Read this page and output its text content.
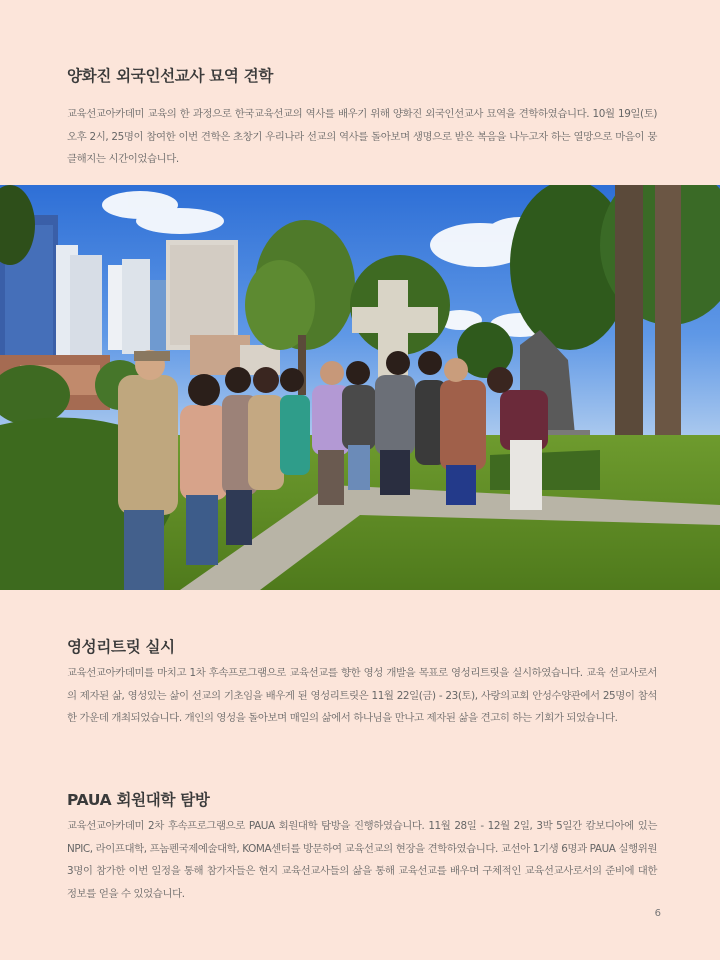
양화진 외국인선교사 묘역 견학

교육선교아카데미 교육의 한 과정으로 한국교육선교의 역사를 배우기 위해 양화진 외국인선교사 묘역을 견학하였습니다. 10월 19일(토) 오후 2시, 25명이 참여한 이번 견학은 초창기 우리나라 선교의 역사를 돌아보며 생명으로 받은 복음을 나누고자 하는 열망으로 마음이 뭉클해지는 시간이었습니다.

영성리트릿 실시

교육선교아카데미를 마치고 1차 후속프로그램으로 교육선교를 향한 영성 개발을 목표로 영성리트릿을 실시하였습니다. 교육 선교사로서의 제자된 삶, 영성있는 삶이 선교의 기초임을 배우게 된 영성리트릿은 11월 22일(금) - 23(토), 사랑의교회 안성수양관에서 25명이 참석한 가운데 개최되었습니다. 개인의 영성을 돌아보며 매일의 삶에서 하나님을 만나고 제자된 삶을 견고히 하는 기회가 되었습니다.

PAUA 회원대학 탐방

교육선교아카데미 2차 후속프로그램으로 PAUA 회원대학 탐방을 진행하였습니다. 11월 28일 - 12월 2일, 3박 5일간 캄보디아에 있는 NPIC, 라이프대학, 프놈펜국제예술대학, KOMA센터를 방문하여 교육선교의 현장을 견학하였습니다. 교선아 1기생 6명과 PAUA 실행위원 3명이 참가한 이번 일정을 통해 참가자들은 현지 교육선교사들의 삶을 통해 교육선교를 배우며 구체적인 교육선교사로서의 준비에 대한 정보를 얻을 수 있었습니다.

6
